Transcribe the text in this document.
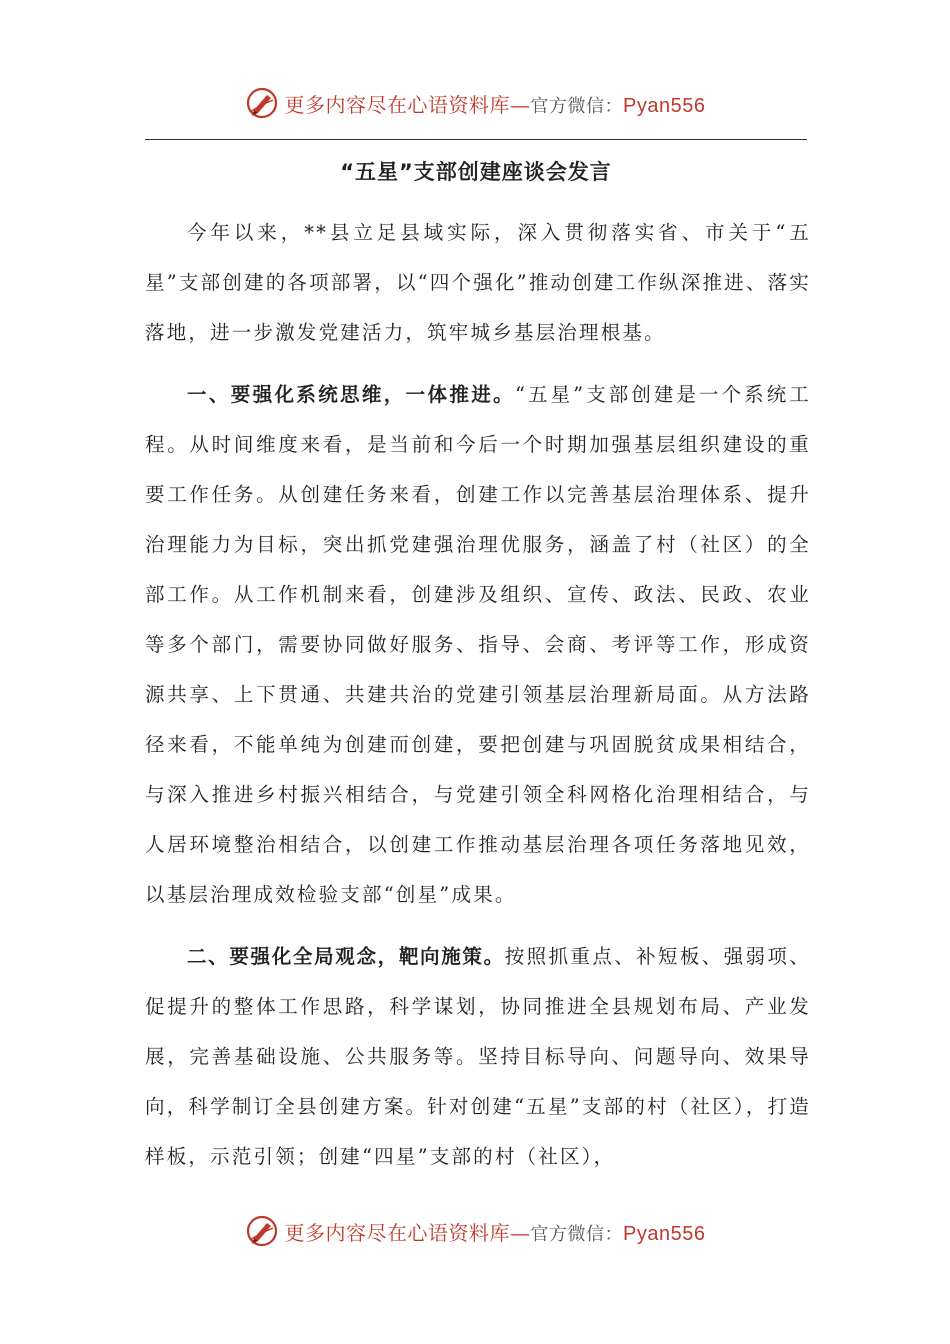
更多内容尽在心语资料库—官方微信：Pyan556
“五星”支部创建座谈会发言

今年以来，**县立足县域实际，深入贯彻落实省、市关于“五星”支部创建的各项部署，以“四个强化”推动创建工作纵深推进、落实落地，进一步激发党建活力，筑牢城乡基层治理根基。

一、要强化系统思维，一体推进。“五星”支部创建是一个系统工程。从时间维度来看，是当前和今后一个时期加强基层组织建设的重要工作任务。从创建任务来看，创建工作以完善基层治理体系、提升治理能力为目标，突出抓党建强治理优服务，涵盖了村（社区）的全部工作。从工作机制来看，创建涉及组织、宣传、政法、民政、农业等多个部门，需要协同做好服务、指导、会商、考评等工作，形成资源共享、上下贯通、共建共治的党建引领基层治理新局面。从方法路径来看，不能单纯为创建而创建，要把创建与巩固脱贫成果相结合，与深入推进乡村振兴相结合，与党建引领全科网格化治理相结合，与人居环境整治相结合，以创建工作推动基层治理各项任务落地见效，以基层治理成效检验支部“创星”成果。

二、要强化全局观念，靶向施策。按照抓重点、补短板、强弱项、促提升的整体工作思路，科学谋划，协同推进全县规划布局、产业发展，完善基础设施、公共服务等。坚持目标导向、问题导向、效果导向，科学制订全县创建方案。针对创建“五星”支部的村（社区），打造样板，示范引领；创建“四星”支部的村（社区），

更多内容尽在心语资料库—官方微信：Pyan556
